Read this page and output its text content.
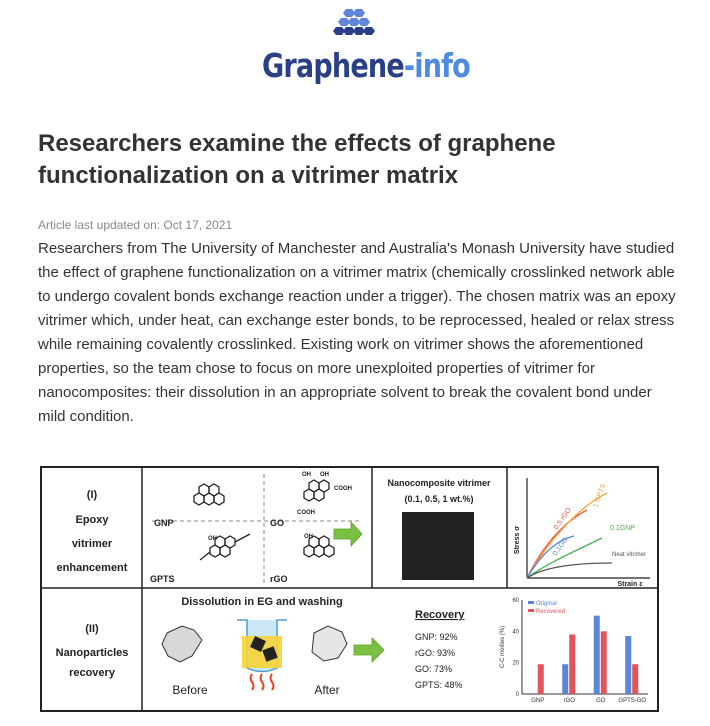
Graphene-info
Researchers examine the effects of graphene functionalization on a vitrimer matrix
Article last updated on: Oct 17, 2021

Researchers from The University of Manchester and Australia's Monash University have studied the effect of graphene functionalization on a vitrimer matrix (chemically crosslinked network able to undergo covalent bonds exchange reaction under a trigger). The chosen matrix was an epoxy vitrimer which, under heat, can exchange ester bonds, to be reprocessed, healed or relax stress while remaining covalently crosslinked. Existing work on vitrimer shows the aforementioned properties, so the team chose to focus on more unexploited properties of vitrimer for nanocomposites: their dissolution in an appropriate solvent to break the covalent bond under mild condition.

(I)
Epoxy
vitrimer
enhancement
OH OH
COOH
COOH
OH	OH
GNP	GO
GPTS	rGO
Nanocomposite vitrimer
(0.1, 0.5, 1 wt.%)
Stress σ
Strain ε
0.5 rGO
1 GPTS
0.1GO
0.1GNP
Neat vitrimer
(II)
Nanoparticles
recovery
Dissolution in EG and washing
Before	After
Recovery
GNP: 92%
rGO: 93%
GO: 73%
GPTS: 48%
0
20
40
60
C-C moities (%)
GNP	rGO	GO GPTS-GO
Original
Recovered
